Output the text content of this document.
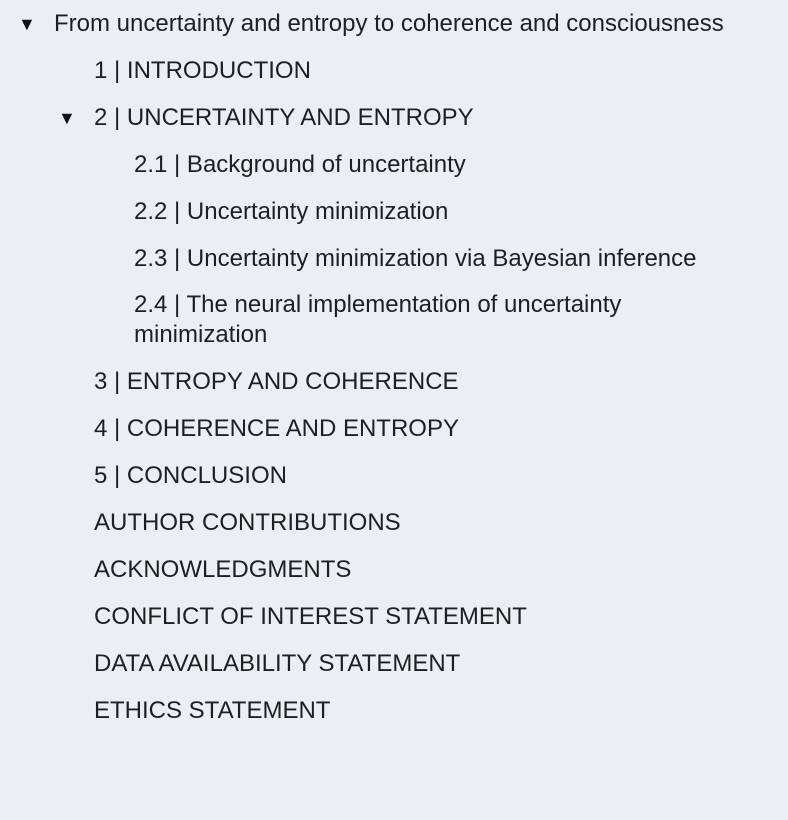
▼ From uncertainty and entropy to coherence and consciousness
1 | INTRODUCTION
▼ 2 | UNCERTAINTY AND ENTROPY
2.1 | Background of uncertainty
2.2 | Uncertainty minimization
2.3 | Uncertainty minimization via Bayesian inference
2.4 | The neural implementation of uncertainty minimization
3 | ENTROPY AND COHERENCE
4 | COHERENCE AND ENTROPY
5 | CONCLUSION
AUTHOR CONTRIBUTIONS
ACKNOWLEDGMENTS
CONFLICT OF INTEREST STATEMENT
DATA AVAILABILITY STATEMENT
ETHICS STATEMENT
